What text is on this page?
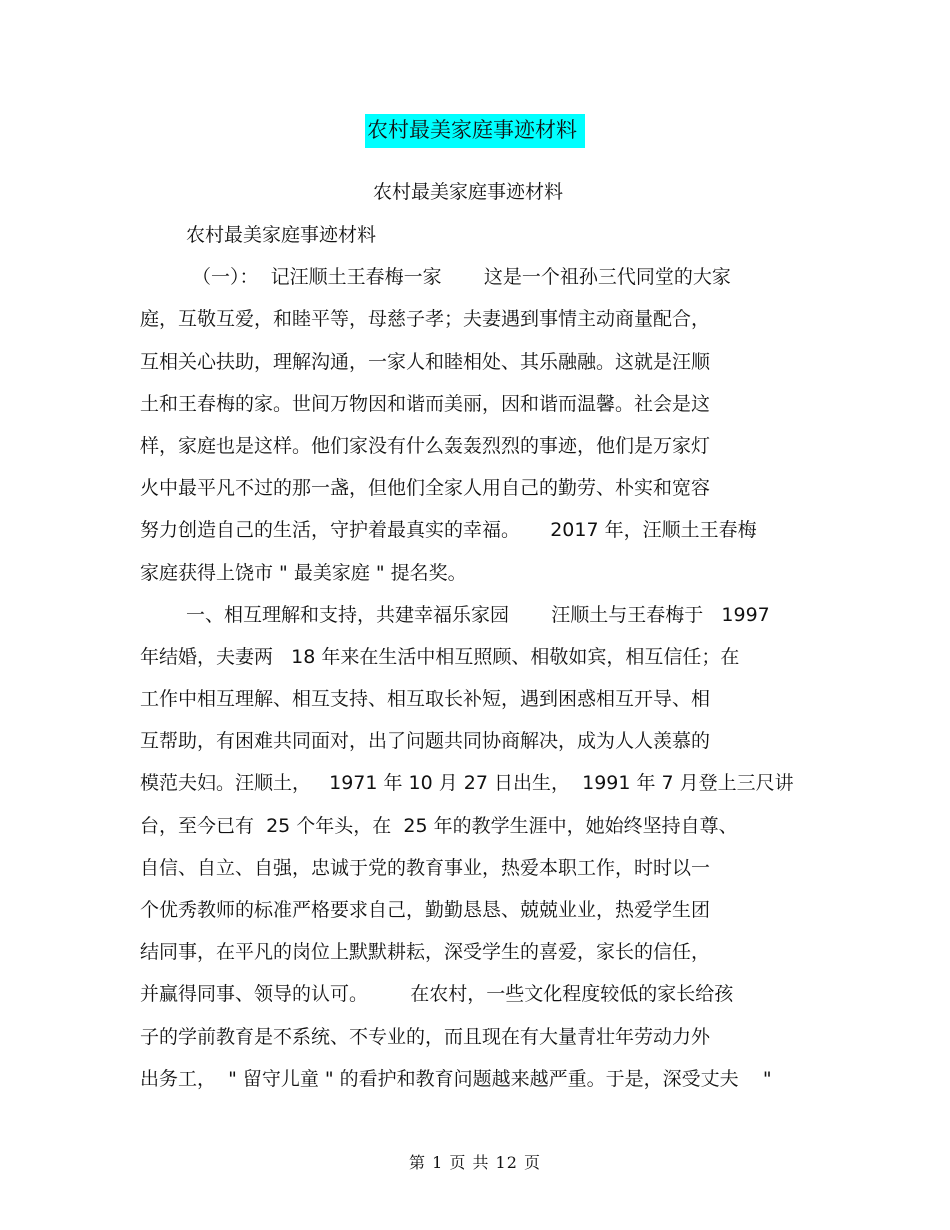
农村最美家庭事迹材料
农村最美家庭事迹材料
农村最美家庭事迹材料
（一）：  记汪顺土王春梅一家       这是一个祖孙三代同堂的大家
庭，互敬互爱，和睦平等，母慈子孝；夫妻遇到事情主动商量配合，
互相关心扶助，理解沟通，一家人和睦相处、其乐融融。这就是汪顺
土和王春梅的家。世间万物因和谐而美丽，因和谐而温馨。社会是这
样，家庭也是这样。他们家没有什么轰轰烈烈的事迹，他们是万家灯
火中最平凡不过的那一盏，但他们全家人用自己的勤劳、朴实和宽容
努力创造自己的生活，守护着最真实的幸福。     2017 年，汪顺土王春梅
家庭获得上饶市 " 最美家庭 " 提名奖。
一、相互理解和支持，共建幸福乐家园       汪顺土与王春梅于   1997
年结婚，夫妻两   18 年来在生活中相互照顾、相敬如宾，相互信任；在
工作中相互理解、相互支持、相互取长补短，遇到困惑相互开导、相
互帮助，有困难共同面对，出了问题共同协商解决，成为人人羡慕的
模范夫妇。汪顺土，   1971 年 10 月 27 日出生，  1991 年 7 月登上三尺讲
台，至今已有  25 个年头，在  25 年的教学生涯中，她始终坚持自尊、
自信、自立、自强，忠诚于党的教育事业，热爱本职工作，时时以一
个优秀教师的标准严格要求自己，勤勤恳恳、兢兢业业，热爱学生团
结同事，在平凡的岗位上默默耕耘，深受学生的喜爱，家长的信任，
并赢得同事、领导的认可。       在农村，一些文化程度较低的家长给孩
子的学前教育是不系统、不专业的，而且现在有大量青壮年劳动力外
出务工，  " 留守儿童 " 的看护和教育问题越来越严重。于是，深受丈夫    "
第 1 页 共 12 页
